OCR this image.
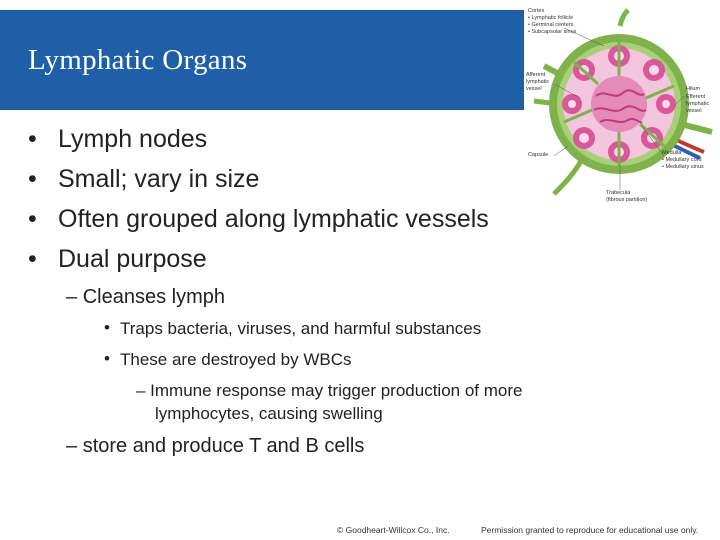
Lymphatic Organs
Cortex
• Lymphatic follicle
• Germinal centers
• Subcapsular sinus
Afferent
lymphatic
vessel	Hilum
Efferent
lymphatic
vessel
Capsule	Medulla
• Medullary cord
• Medullary sinus
Trabecula
(fibrous partition)
• Lymph nodes
• Small; vary in size
• Often grouped along lymphatic vessels
• Dual purpose
– Cleanses lymph
• Traps bacteria, viruses, and harmful substances
• These are destroyed by WBCs
– Immune response may trigger production of more
lymphocytes, causing swelling
– store and produce T and B cells
© Goodheart-Willcox Co., Inc.	Permission granted to reproduce for educational use only.
